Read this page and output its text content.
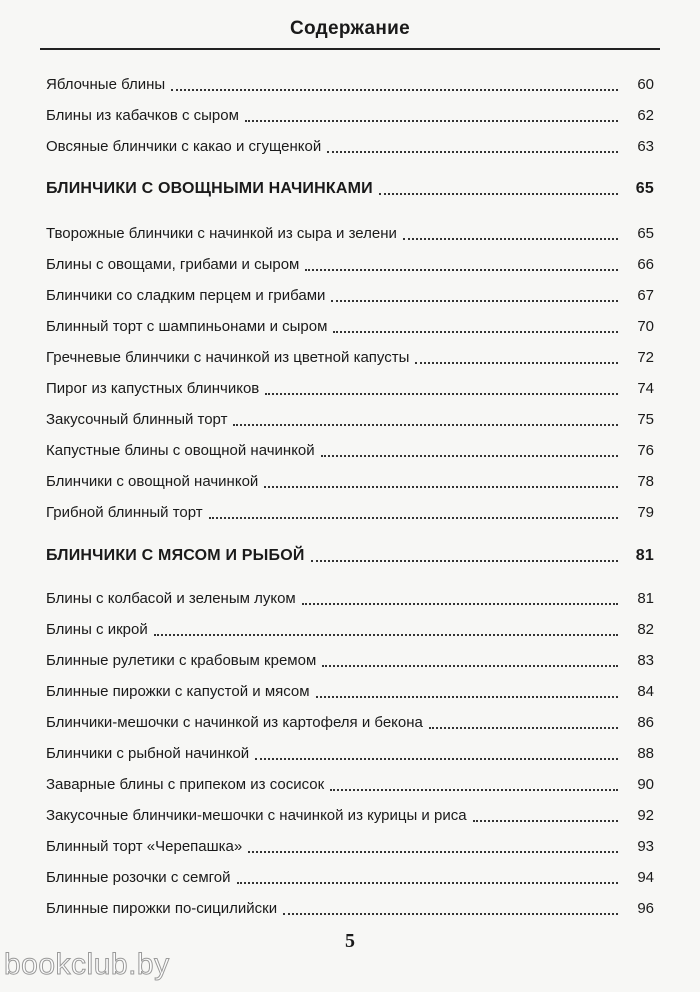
Содержание
Яблочные блины	60
Блины из кабачков с сыром	62
Овсяные блинчики с какао и сгущенкой	63
БЛИНЧИКИ С ОВОЩНЫМИ НАЧИНКАМИ	65
Творожные блинчики с начинкой из сыра и зелени	65
Блины с овощами, грибами и сыром	66
Блинчики со сладким перцем и грибами	67
Блинный торт с шампиньонами и сыром	70
Гречневые блинчики с начинкой из цветной капусты	72
Пирог из капустных блинчиков	74
Закусочный блинный торт	75
Капустные блины с овощной начинкой	76
Блинчики с овощной начинкой	78
Грибной блинный торт	79
БЛИНЧИКИ С МЯСОМ И РЫБОЙ	81
Блины с колбасой и зеленым луком	81
Блины с икрой	82
Блинные рулетики с крабовым кремом	83
Блинные пирожки с капустой и мясом	84
Блинчики-мешочки с начинкой из картофеля и бекона	86
Блинчики с рыбной начинкой	88
Заварные блины с припеком из сосисок	90
Закусочные блинчики-мешочки с начинкой из курицы и риса	92
Блинный торт «Черепашка»	93
Блинные розочки с семгой	94
Блинные пирожки по-сицилийски	96
5
bookclub.by
